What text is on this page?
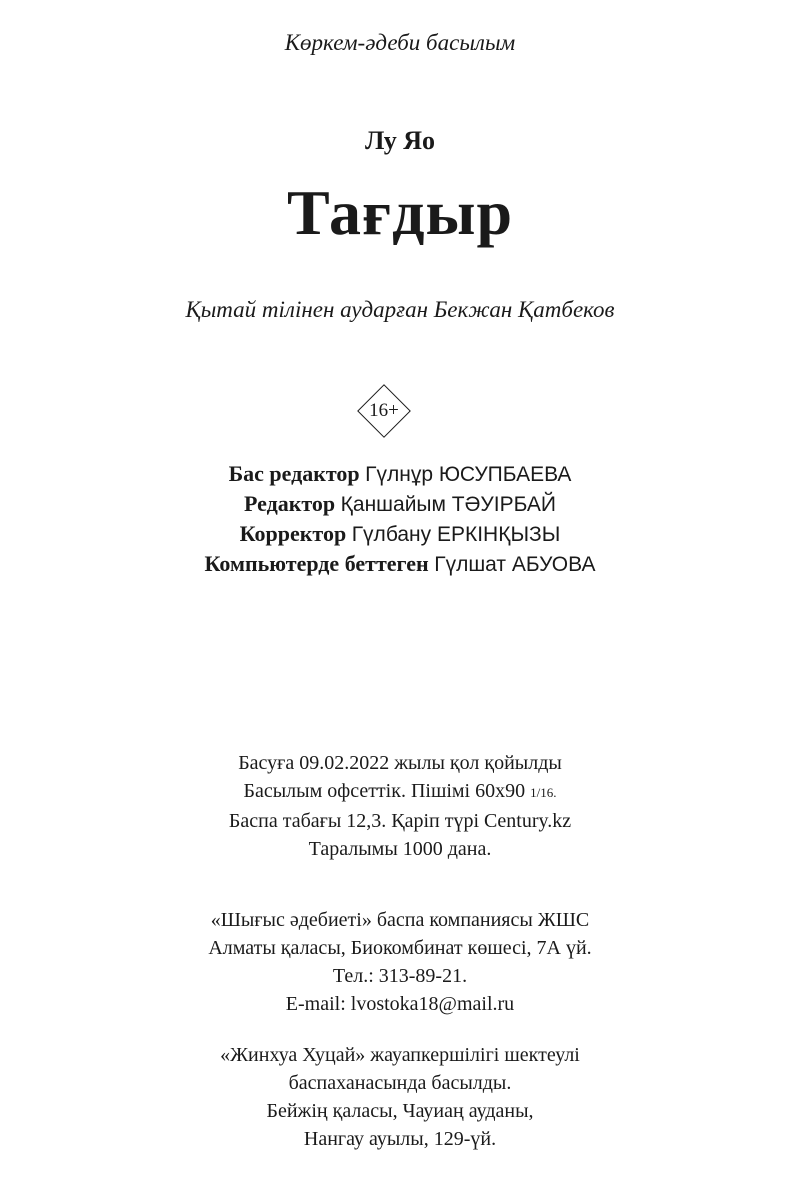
Көркем-әдеби басылым
Лу Яо
Тағдыр
Қытай тілінен аударған Бекжан Қатбеков
16+
Бас редактор Гүлнұр ЮСУПБАЕВА
Редактор Қаншайым ТӘУІРБАЙ
Корректор Гүлбану ЕРКІНҚЫЗЫ
Компьютерде беттеген Гүлшат АБУОВА
Басуға 09.02.2022 жылы қол қойылды
Басылым офсеттік. Пішімі 60х90 1/16.
Баспа табағы 12,3. Қаріп түрі Century.kz
Таралымы 1000 дана.
«Шығыс әдебиеті» баспа компаниясы ЖШС
Алматы қаласы, Биокомбинат көшесі, 7А үй.
Тел.: 313-89-21.
E-mail: lvostoka18@mail.ru
«Жинхуа Хуцай» жауапкершілігі шектеулі
баспаханасында басылды.
Бейжің қаласы, Чауиаң ауданы,
Нангау ауылы, 129-үй.
